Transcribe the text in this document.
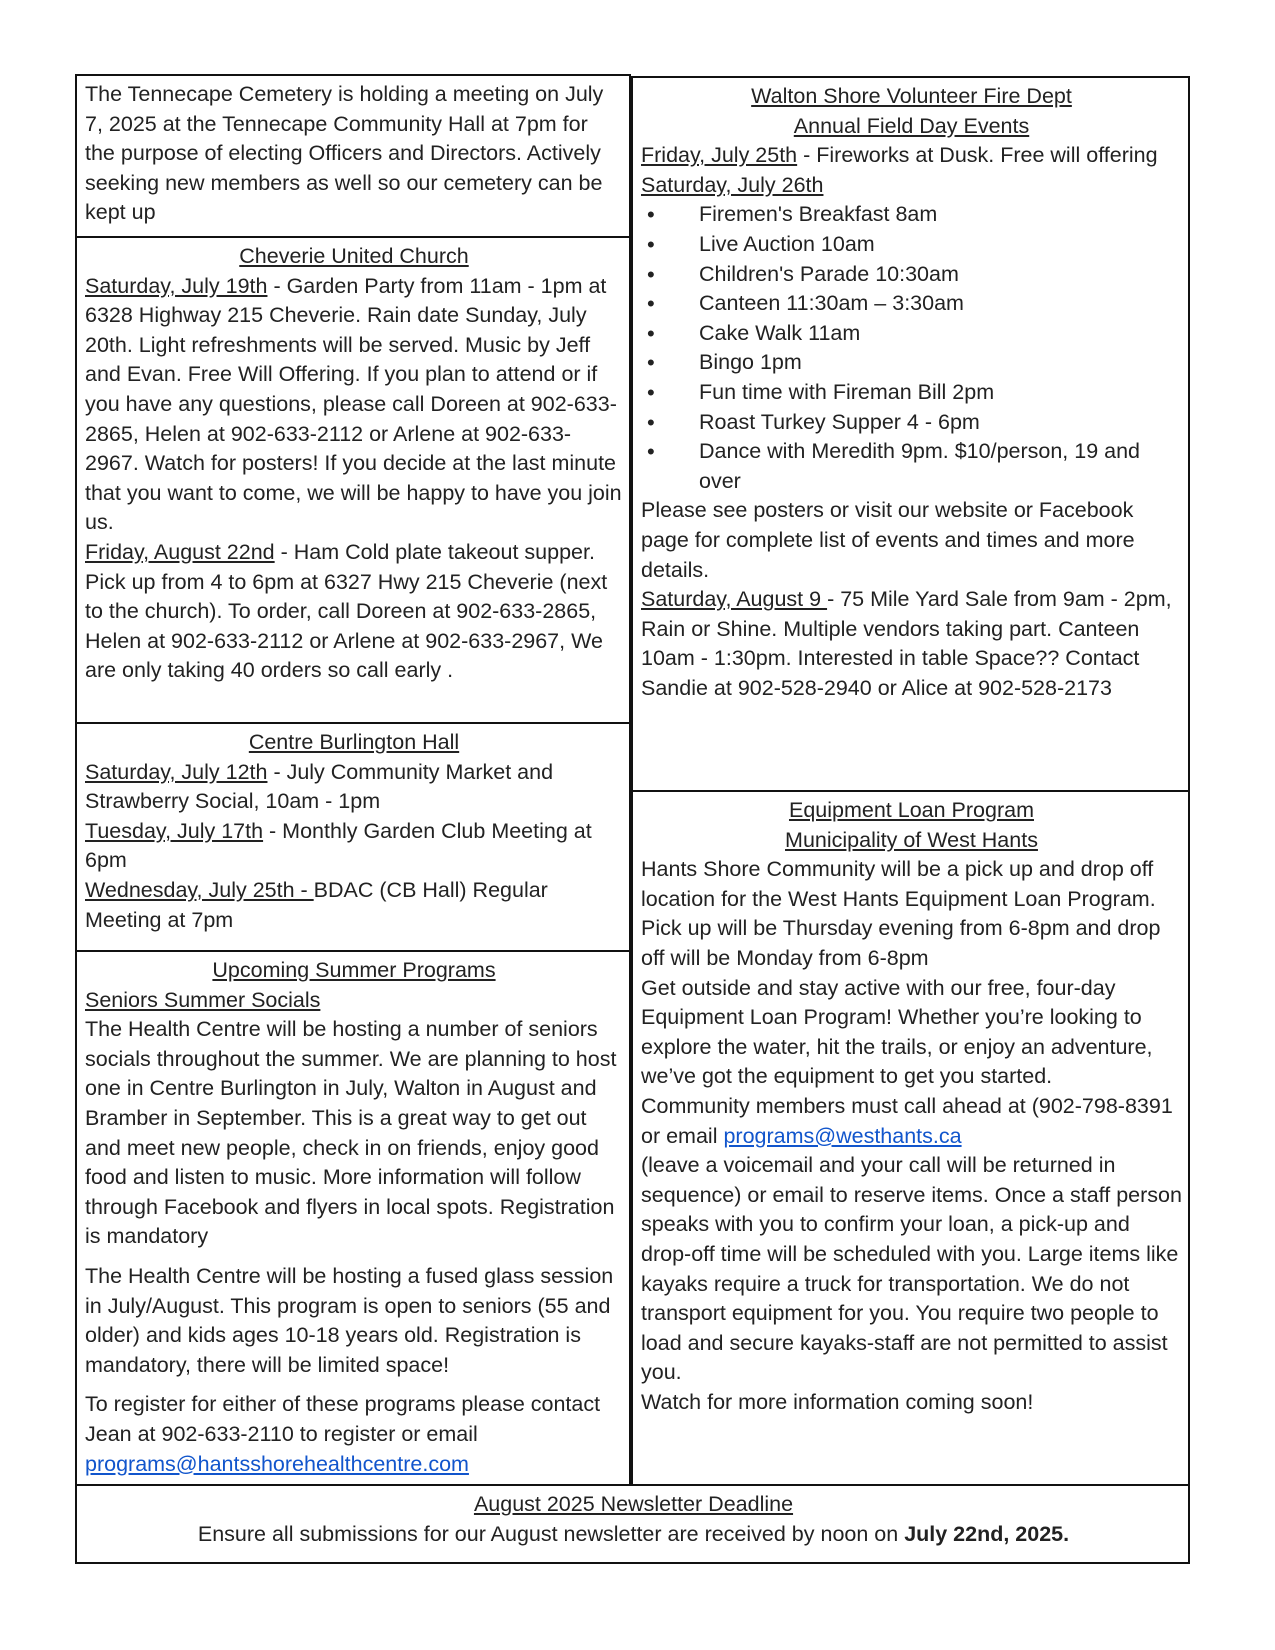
The Tennecape Cemetery is holding a meeting on July 7, 2025 at the Tennecape Community Hall at 7pm for the purpose of electing Officers and Directors. Actively seeking new members as well so our cemetery can be kept up
Cheverie United Church
Saturday, July 19th - Garden Party from 11am - 1pm at 6328 Highway 215 Cheverie. Rain date Sunday, July 20th. Light refreshments will be served. Music by Jeff and Evan. Free Will Offering. If you plan to attend or if you have any questions, please call Doreen at 902-633-2865, Helen at 902-633-2112 or Arlene at 902-633-2967. Watch for posters! If you decide at the last minute that you want to come, we will be happy to have you join us.
Friday, August 22nd - Ham Cold plate takeout supper. Pick up from 4 to 6pm at 6327 Hwy 215 Cheverie (next to the church). To order, call Doreen at 902-633-2865, Helen at 902-633-2112 or Arlene at 902-633-2967, We are only taking 40 orders so call early .
Centre Burlington Hall
Saturday, July 12th - July Community Market and Strawberry Social, 10am - 1pm
Tuesday, July 17th - Monthly Garden Club Meeting at 6pm
Wednesday, July 25th - BDAC (CB Hall) Regular Meeting at 7pm
Upcoming Summer Programs
Seniors Summer Socials
The Health Centre will be hosting a number of seniors socials throughout the summer. We are planning to host one in Centre Burlington in July, Walton in August and Bramber in September. This is a great way to get out and meet new people, check in on friends, enjoy good food and listen to music. More information will follow through Facebook and flyers in local spots. Registration is mandatory
The Health Centre will be hosting a fused glass session in July/August. This program is open to seniors (55 and older) and kids ages 10-18 years old. Registration is mandatory, there will be limited space!
To register for either of these programs please contact Jean at 902-633-2110 to register or email
programs@hantsshorehealthcentre.com
Walton Shore Volunteer Fire Dept
Annual Field Day Events
Friday, July 25th - Fireworks at Dusk. Free will offering
Saturday, July 26th
• Firemen's Breakfast 8am
• Live Auction 10am
• Children's Parade 10:30am
• Canteen 11:30am – 3:30am
• Cake Walk 11am
• Bingo 1pm
• Fun time with Fireman Bill 2pm
• Roast Turkey Supper 4 - 6pm
• Dance with Meredith 9pm. $10/person, 19 and over
Please see posters or visit our website or Facebook page for complete list of events and times and more details.
Saturday, August 9 - 75 Mile Yard Sale from 9am - 2pm, Rain or Shine. Multiple vendors taking part. Canteen 10am - 1:30pm. Interested in table Space?? Contact Sandie at 902-528-2940 or Alice at 902-528-2173
Equipment Loan Program
Municipality of West Hants
Hants Shore Community will be a pick up and drop off location for the West Hants Equipment Loan Program. Pick up will be Thursday evening from 6-8pm and drop off will be Monday from 6-8pm
Get outside and stay active with our free, four-day Equipment Loan Program! Whether you’re looking to explore the water, hit the trails, or enjoy an adventure, we’ve got the equipment to get you started.
Community members must call ahead at (902-798-8391 or email programs@westhants.ca
(leave a voicemail and your call will be returned in sequence) or email to reserve items. Once a staff person speaks with you to confirm your loan, a pick-up and drop-off time will be scheduled with you. Large items like kayaks require a truck for transportation. We do not transport equipment for you. You require two people to load and secure kayaks-staff are not permitted to assist you.
Watch for more information coming soon!
August 2025 Newsletter Deadline
Ensure all submissions for our August newsletter are received by noon on July 22nd, 2025.
